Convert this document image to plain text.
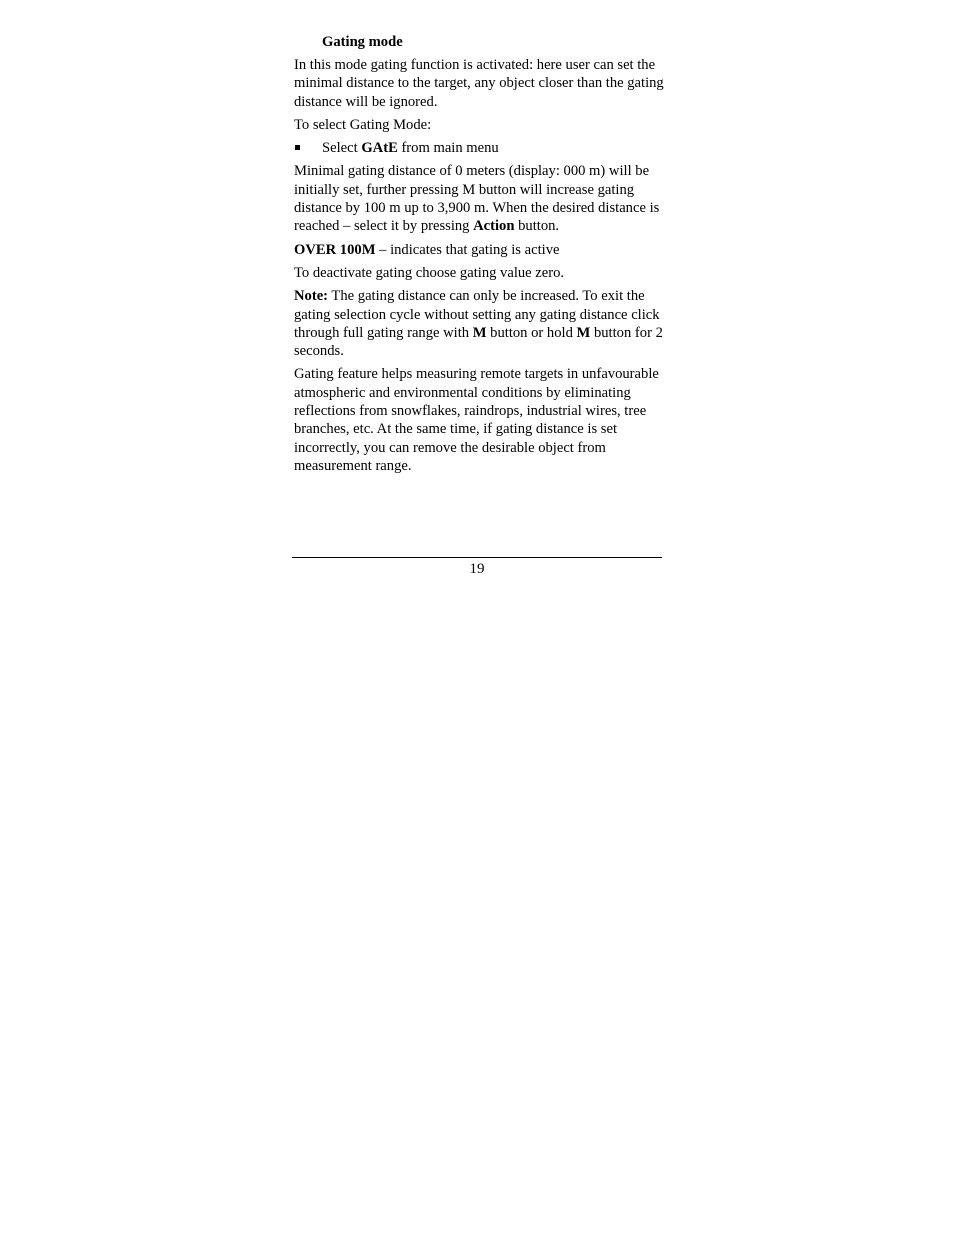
Gating mode

In this mode gating function is activated: here user can set the minimal distance to the target, any object closer than the gating distance will be ignored.

To select Gating Mode:

Select GAtE from main menu

Minimal gating distance of 0 meters (display: 000 m) will be initially set, further pressing M button will increase gating distance by 100 m up to 3,900 m. When the desired distance is reached – select it by pressing Action button.

OVER 100M – indicates that gating is active

To deactivate gating choose gating value zero.

Note: The gating distance can only be increased. To exit the gating selection cycle without setting any gating distance click through full gating range with M button or hold M button for 2 seconds.

Gating feature helps measuring remote targets in unfavourable atmospheric and environmental conditions by eliminating reflections from snowflakes, raindrops, industrial wires, tree branches, etc. At the same time, if gating distance is set incorrectly, you can remove the desirable object from measurement range.

19
